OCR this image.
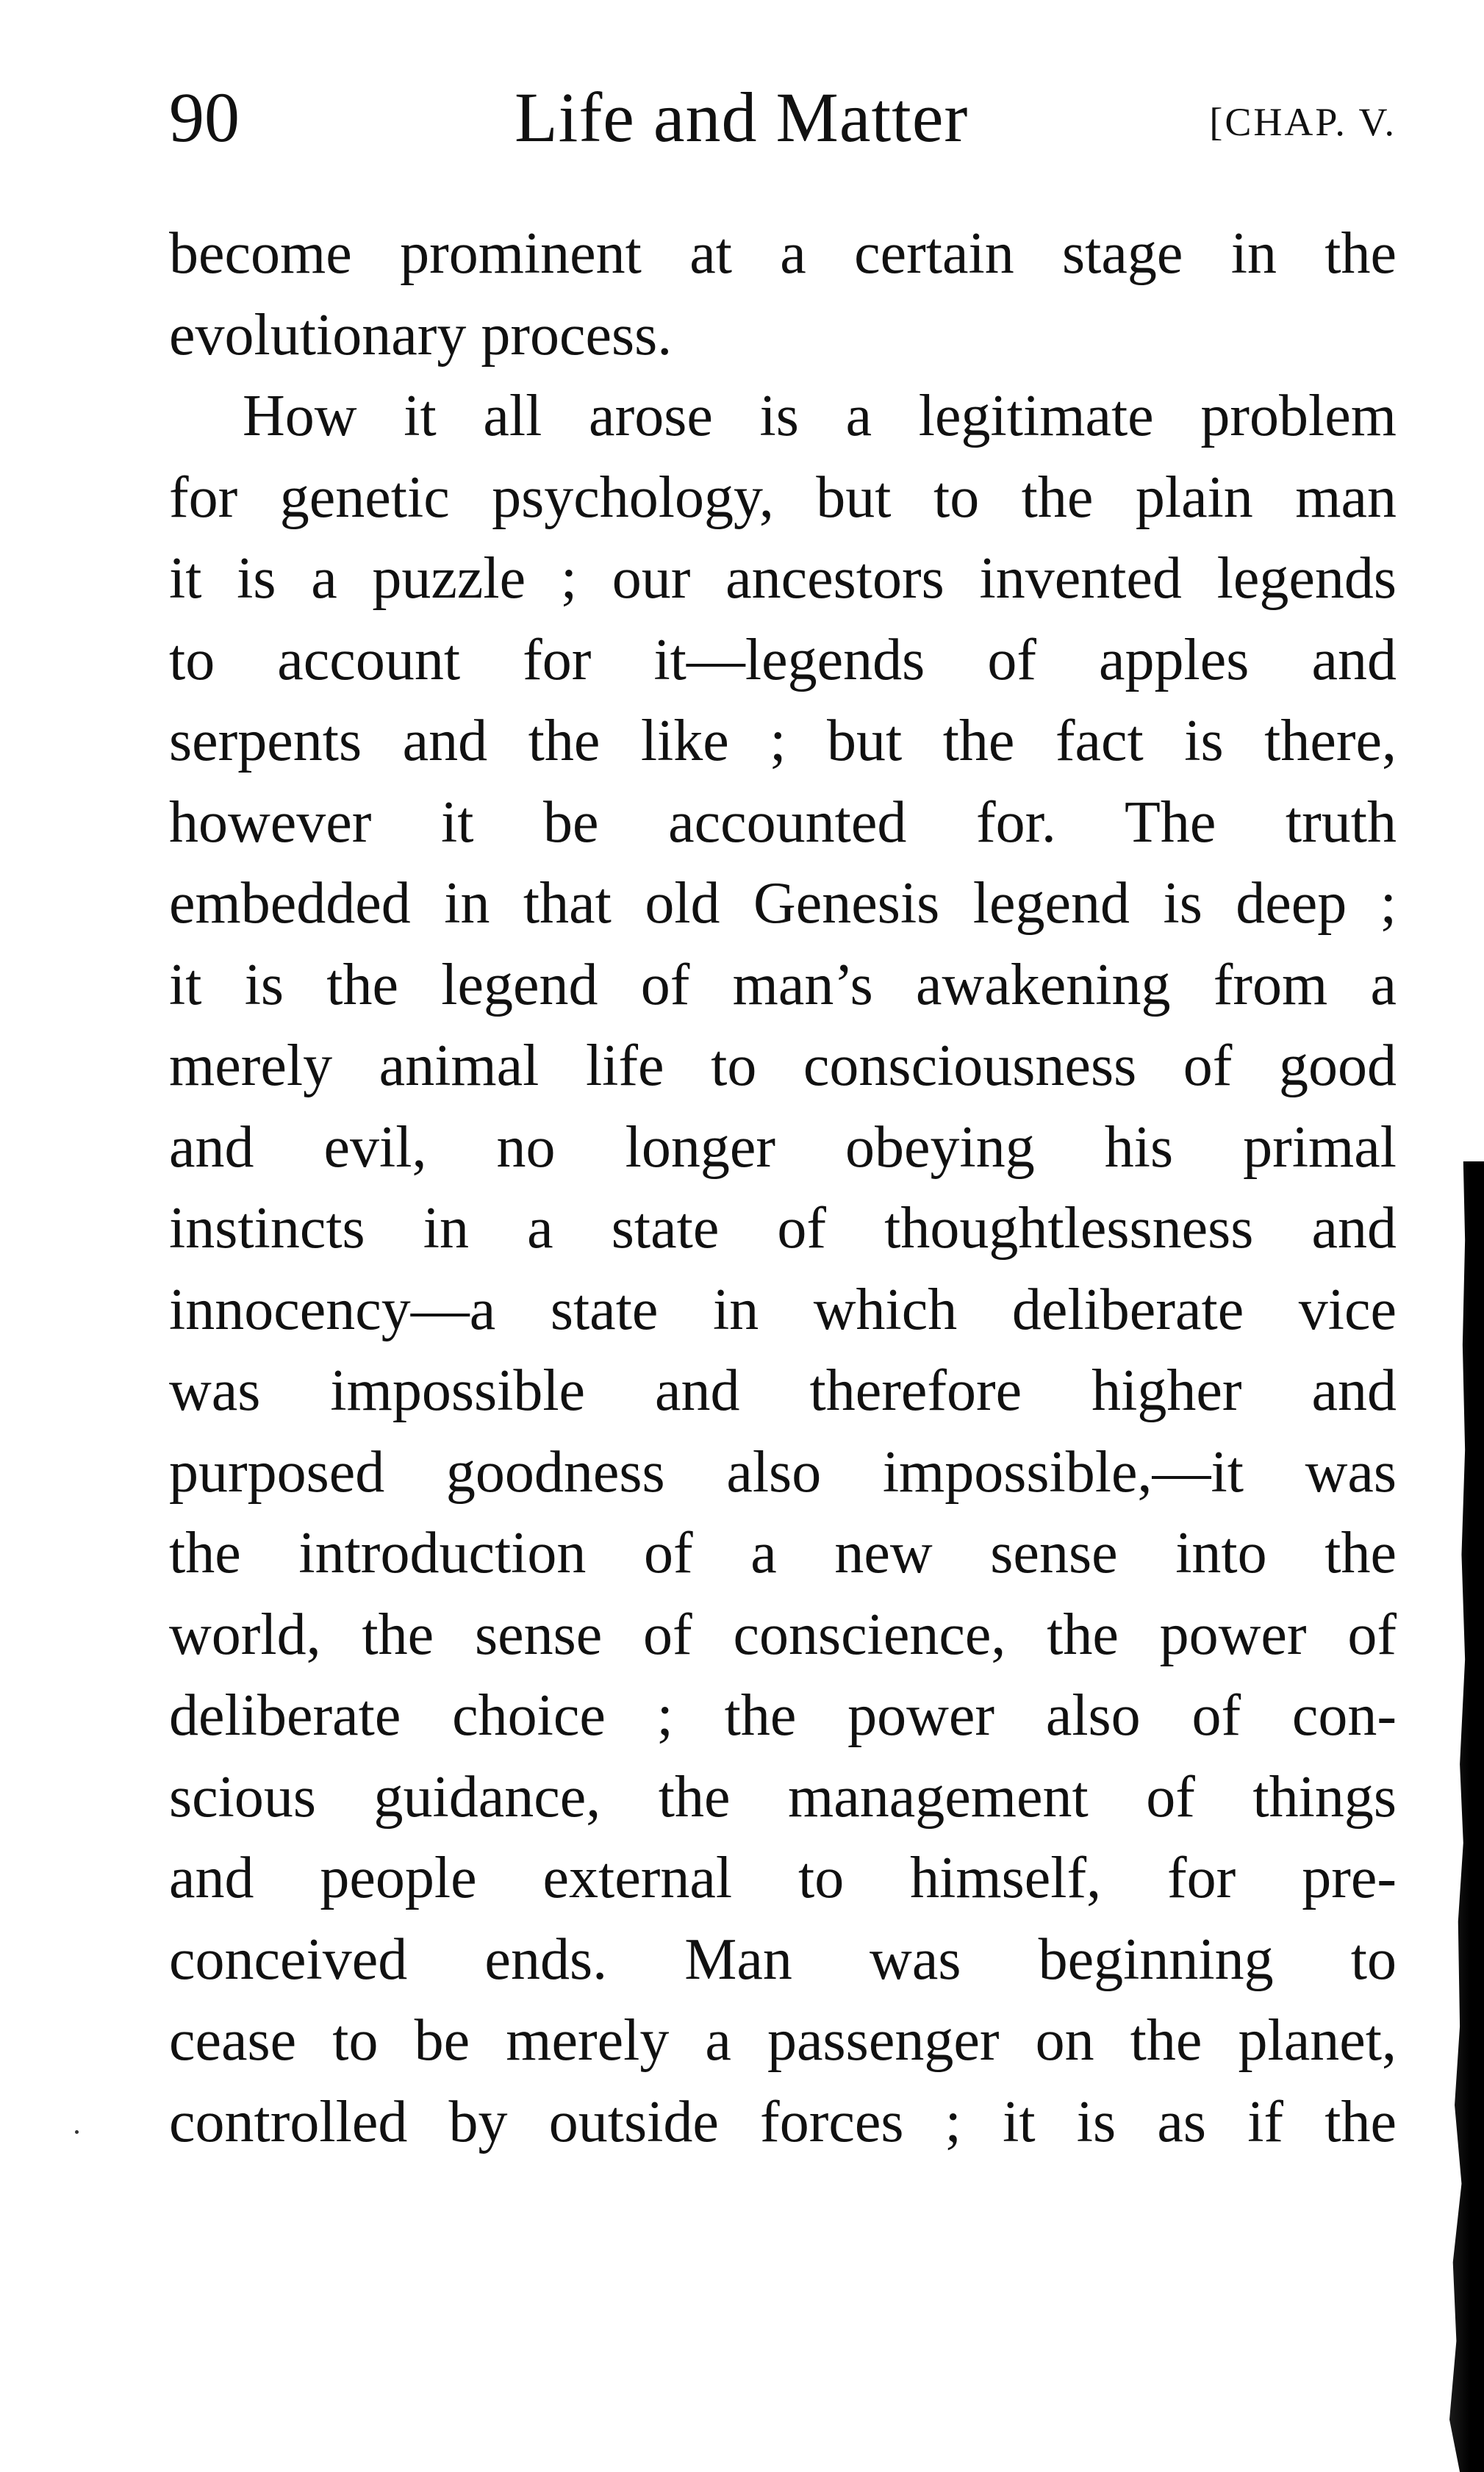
90	Life and Matter	[CHAP. V.
become prominent at a certain stage in the
evolutionary process.
How it all arose is a legitimate problem
for genetic psychology, but to the plain man
it is a puzzle ; our ancestors invented legends
to account for it—legends of apples and
serpents and the like ; but the fact is there,
however it be accounted for. The truth
embedded in that old Genesis legend is deep ;
it is the legend of man’s awakening from a
merely animal life to consciousness of good
and evil, no longer obeying his primal
instincts in a state of thoughtlessness and
innocency—a state in which deliberate vice
was impossible and therefore higher and
purposed goodness also impossible,—it was
the introduction of a new sense into the
world, the sense of conscience, the power of
deliberate choice ; the power also of con-
scious guidance, the management of things
and people external to himself, for pre-
conceived ends. Man was beginning to
cease to be merely a passenger on the planet,
controlled by outside forces ; it is as if the
